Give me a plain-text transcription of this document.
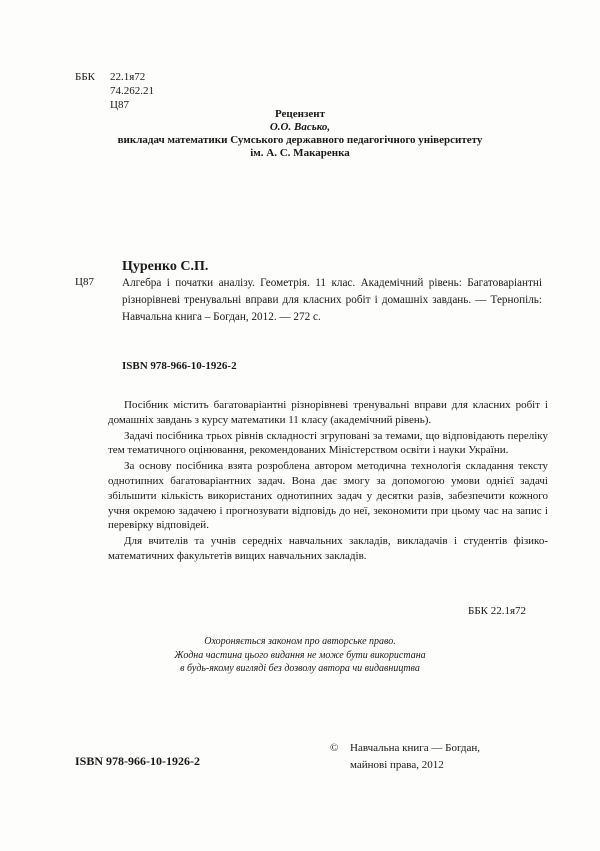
ББК 22.1я72
74.262.21
Ц87
Рецензент
О.О. Васько,
викладач математики Сумського державного педагогічного університету
ім. А. С. Макаренка
Цуренко С.П.
Ц87	Алгебра і початки аналізу. Геометрія. 11 клас. Академічний рівень: Багатоваріантні різнорівневі тренувальні вправи для класних робіт і домашніх завдань. — Тернопіль: Навчальна книга – Богдан, 2012. — 272 с.
ISBN 978-966-10-1926-2

Посібник містить багатоваріантні різнорівневі тренувальні вправи для класних робіт і домашніх завдань з курсу математики 11 класу (академічний рівень).

Задачі посібника трьох рівнів складності згруповані за темами, що відповідають переліку тем тематичного оцінювання, рекомендованих Міністерством освіти і науки України.

За основу посібника взята розроблена автором методична технологія складання тексту однотипних багатоваріантних задач. Вона дає змогу за допомогою умови однієї задачі збільшити кількість використаних однотипних задач у десятки разів, забезпечити кожного учня окремою задачею і прогнозувати відповідь до неї, зекономити при цьому час на запис і перевірку відповідей.

Для вчителів та учнів середніх навчальних закладів, викладачів і студентів фізико-математичних факультетів вищих навчальних закладів.

ББК 22.1я72
Охороняється законом про авторське право.
Жодна частина цього видання не може бути використана
в будь-якому вигляді без дозволу автора чи видавництва
ISBN 978-966-10-1926-2
© Навчальна книга — Богдан,
майнові права, 2012
